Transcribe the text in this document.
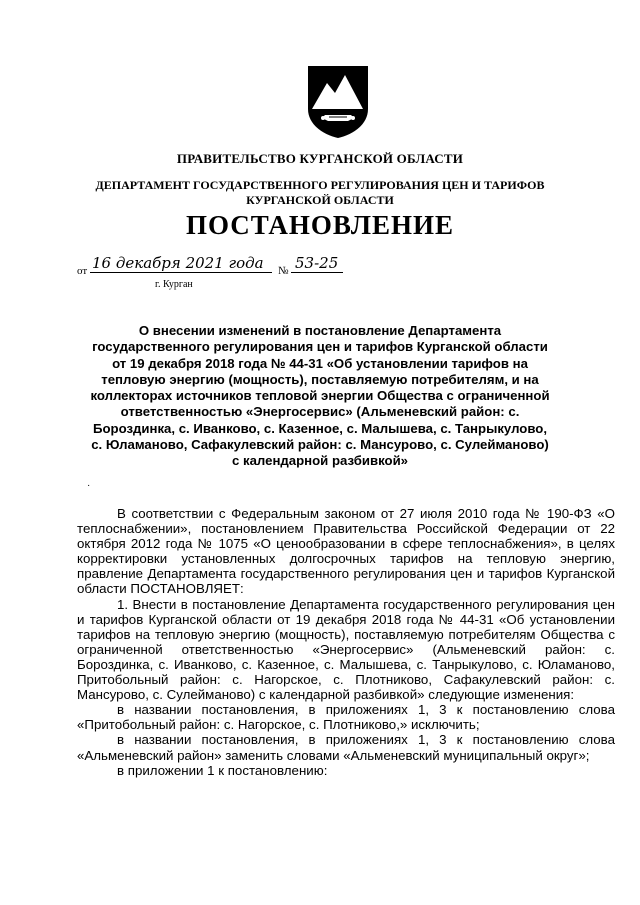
ПРАВИТЕЛЬСТВО КУРГАНСКОЙ ОБЛАСТИ
ДЕПАРТАМЕНТ ГОСУДАРСТВЕННОГО РЕГУЛИРОВАНИЯ ЦЕН И ТАРИФОВ
КУРГАНСКОЙ ОБЛАСТИ
ПОСТАНОВЛЕНИЕ
от 16 декабря 2021 года № 53-25
г. Курган
О внесении изменений в постановление Департамента государственного регулирования цен и тарифов Курганской области от 19 декабря 2018 года № 44-31 «Об установлении тарифов на тепловую энергию (мощность), поставляемую потребителям, и на коллекторах источников тепловой энергии Общества с ограниченной ответственностью «Энергосервис» (Альменевский район: с. Бороздинка, с. Иванково, с. Казенное, с. Малышева, с. Танрыкулово, с. Юламаново, Сафакулевский район: с. Мансурово, с. Сулейманово) с календарной разбивкой»
·

В соответствии с Федеральным законом от 27 июля 2010 года № 190-ФЗ «О теплоснабжении», постановлением Правительства Российской Федерации от 22 октября 2012 года № 1075 «О ценообразовании в сфере теплоснабжения», в целях корректировки установленных долгосрочных тарифов на тепловую энергию, правление Департамента государственного регулирования цен и тарифов Курганской области ПОСТАНОВЛЯЕТ:

1. Внести в постановление Департамента государственного регулирования цен и тарифов Курганской области от 19 декабря 2018 года № 44-31 «Об установлении тарифов на тепловую энергию (мощность), поставляемую потребителям Общества с ограниченной ответственностью «Энергосервис» (Альменевский район: с. Бороздинка, с. Иванково, с. Казенное, с. Малышева, с. Танрыкулово, с. Юламаново, Притобольный район: с. Нагорское, с. Плотниково, Сафакулевский район: с. Мансурово, с. Сулейманово) с календарной разбивкой» следующие изменения:

в названии постановления, в приложениях 1, 3 к постановлению слова «Притобольный район: с. Нагорское, с. Плотниково,» исключить;

в названии постановления, в приложениях 1, 3 к постановлению слова «Альменевский район» заменить словами «Альменевский муниципальный округ»;

в приложении 1 к постановлению:
